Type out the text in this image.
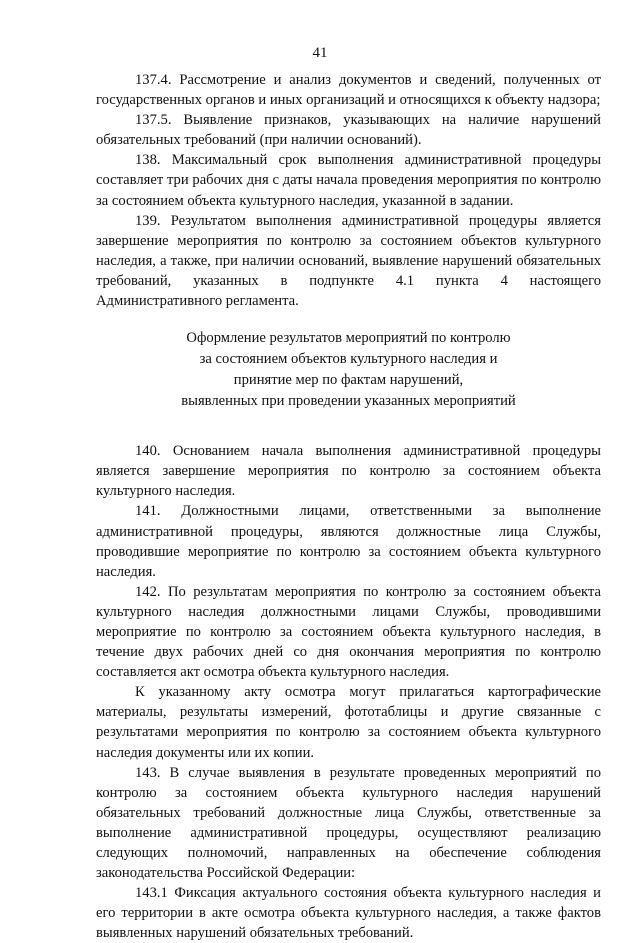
41

137.4. Рассмотрение и анализ документов и сведений, полученных от государственных органов и иных организаций и относящихся к объекту надзора;

137.5. Выявление признаков, указывающих на наличие нарушений обязательных требований (при наличии оснований).

138. Максимальный срок выполнения административной процедуры составляет три рабочих дня с даты начала проведения мероприятия по контролю за состоянием объекта культурного наследия, указанной в задании.

139. Результатом выполнения административной процедуры является завершение мероприятия по контролю за состоянием объектов культурного наследия, а также, при наличии оснований, выявление нарушений обязательных требований, указанных в подпункте 4.1 пункта 4 настоящего Административного регламента.

Оформление результатов мероприятий по контролю
за состоянием объектов культурного наследия и
принятие мер по фактам нарушений,
выявленных при проведении указанных мероприятий

140. Основанием начала выполнения административной процедуры является завершение мероприятия по контролю за состоянием объекта культурного наследия.

141. Должностными лицами, ответственными за выполнение административной процедуры, являются должностные лица Службы, проводившие мероприятие по контролю за состоянием объекта культурного наследия.

142. По результатам мероприятия по контролю за состоянием объекта культурного наследия должностными лицами Службы, проводившими мероприятие по контролю за состоянием объекта культурного наследия, в течение двух рабочих дней со дня окончания мероприятия по контролю составляется акт осмотра объекта культурного наследия.

К указанному акту осмотра могут прилагаться картографические материалы, результаты измерений, фототаблицы и другие связанные с результатами мероприятия по контролю за состоянием объекта культурного наследия документы или их копии.

143. В случае выявления в результате проведенных мероприятий по контролю за состоянием объекта культурного наследия нарушений обязательных требований должностные лица Службы, ответственные за выполнение административной процедуры, осуществляют реализацию следующих полномочий, направленных на обеспечение соблюдения законодательства Российской Федерации:

143.1 Фиксация актуального состояния объекта культурного наследия и его территории в акте осмотра объекта культурного наследия, а также фактов выявленных нарушений обязательных требований.
